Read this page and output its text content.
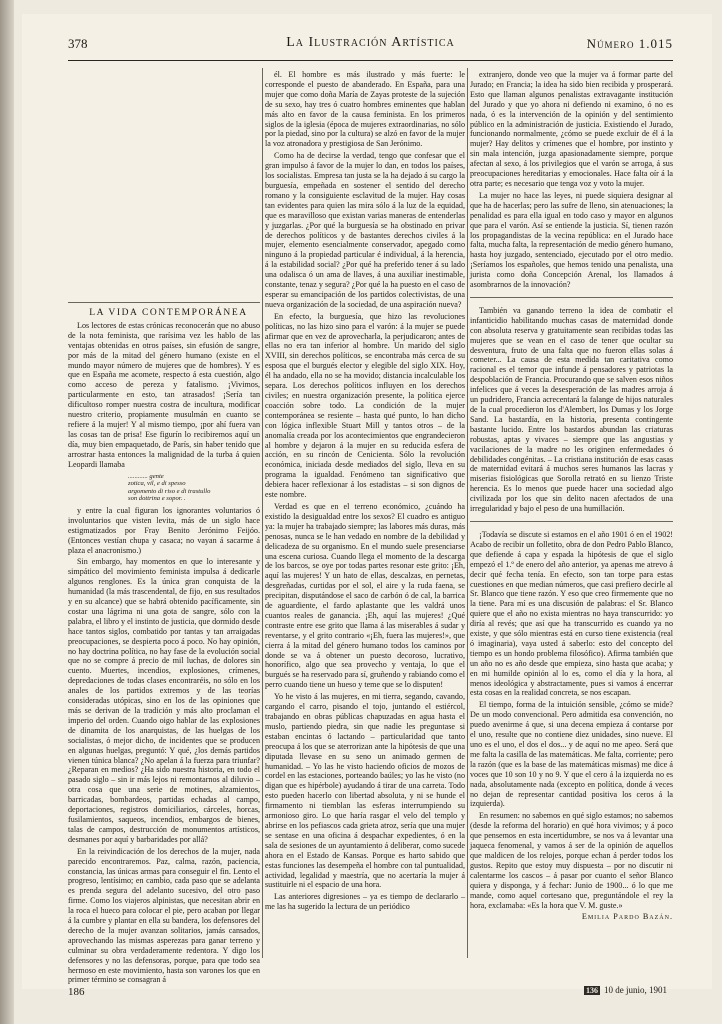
378	La Ilustración Artística	Número 1.015

LA VIDA CONTEMPORÁNEA

Los lectores de estas crónicas reconocerán que no abuso de la nota feminista, que rarísima vez les hablo de las ventajas obtenidas en otros países, sin efusión de sangre, por más de la mitad del género humano (existe en el mundo mayor número de mujeres que de hombres). Y es que en España me acomete, respecto á esta cuestión, algo como acceso de pereza y fatalismo. ¡Vivimos, particularmente en esto, tan atrasados! ¡Sería tan dificultoso romper nuestra costra de incultura, modificar nuestro criterio, propiamente musulmán en cuanto se refiere á la mujer! Y al mismo tiempo, ¡por ahí fuera van las cosas tan de prisa! Ese figurín lo recibiremos aquí un día, muy bien empaquetado, de París, sin haber tenido que arrostrar hasta entonces la malignidad de la turba á quien Leopardi llamaba

............ gente
zotica, vil, e di spesso
argomento di riso e di trastullo
son dottrina e sopor. .

y entre la cual figuran los ignorantes voluntarios ó involuntarios que visten levita, más de un siglo hace estigmatizados por Fray Benito Jerónimo Feijóo. (Entonces vestían chupa y casaca; no vayan á sacarme á plaza el anacronismo.)

Sin embargo, hay momentos en que lo interesante y simpático del movimiento feminista impulsa á dedicarle algunos renglones. Es la única gran conquista de la humanidad (la más trascendental, de fijo, en sus resultados y en su alcance) que se habrá obtenido pacíficamente, sin costar una lágrima ni una gota de sangre, sólo con la palabra, el libro y el instinto de justicia, que dormido desde hace tantos siglos, combatido por tantas y tan arraigadas preocupaciones, se despierta poco á poco. No hay opinión, no hay doctrina política, no hay fase de la evolución social que no se compre á precio de mil luchas, de dolores sin cuento. Muertes, incendios, explosiones, crímenes, depredaciones de todas clases encontraréis, no sólo en los anales de los partidos extremos y de las teorías consideradas utópicas, sino en los de las opiniones que más se derivan de la tradición y más alto proclaman el imperio del orden. Cuando oigo hablar de las explosiones de dinamita de los anarquistas, de las huelgas de los socialistas, ó mejor dicho, de incidentes que se producen en algunas huelgas, preguntó: Y qué, ¿los demás partidos vienen túnica blanca? ¿No apelan á la fuerza para triunfar? ¿Reparan en medios? ¿Ha sido nuestra historia, en todo el pasado siglo – sin ir más lejos ni remontarnos al diluvio – otra cosa que una serie de motines, alzamientos, barricadas, bombardeos, partidas echadas al campo, deportaciones, registros domiciliarios, cárceles, horcas, fusilamientos, saqueos, incendios, embargos de bienes, talas de campos, destrucción de monumentos artísticos, desmanes por aquí y barbaridades por allá?

En la reivindicación de los derechos de la mujer, nada parecido encontraremos. Paz, calma, razón, paciencia, constancia, las únicas armas para conseguir el fin. Lento el progreso, lentísimo; en cambio, cada paso que se adelanta es prenda segura del adelanto sucesivo, del otro paso firme. Como los viajeros alpinistas, que necesitan abrir en la roca el hueco para colocar el pie, pero acaban por llegar á la cumbre y plantar en ella su bandera, los defensores del derecho de la mujer avanzan solitarios, jamás cansados, aprovechando las mismas asperezas para ganar terreno y culminar su obra verdaderamente redentora. Y digo los defensores y no las defensoras, porque, para que todo sea hermoso en este movimiento, hasta son varones los que en primer término se consagran á

él. El hombre es más ilustrado y más fuerte: le corresponde el puesto de abanderado. En España, para una mujer que como doña María de Zayas proteste de la sujeción de su sexo, hay tres ó cuatro hombres eminentes que hablan más alto en favor de la causa feminista. En los primeros siglos de la iglesia (época de mujeres extraordinarias, no sólo por la piedad, sino por la cultura) se alzó en favor de la mujer la voz atronadora y prestigiosa de San Jerónimo.

Como ha de decirse la verdad, tengo que confesar que el gran impulso á favor de la mujer lo dan, en todos los países, los socialistas. Empresa tan justa se la ha dejado á su cargo la burguesía, empeñada en sostener el sentido del derecho romano y la consiguiente esclavitud de la mujer. Hay cosas tan evidentes para quien las mira sólo á la luz de la equidad, que es maravilloso que existan varias maneras de entenderlas y juzgarlas. ¿Por qué la burguesía se ha obstinado en privar de derechos políticos y de bastantes derechos civiles á la mujer, elemento esencialmente conservador, apegado como ninguno á la propiedad particular é individual, á la herencia, á la estabilidad social? ¿Por qué ha preferido tener á su lado una odalisca ó un ama de llaves, á una auxiliar inestimable, constante, tenaz y segura? ¿Por qué la ha puesto en el caso de esperar su emancipación de los partidos colectivistas, de una nueva organización de la sociedad, de una aspiración nueva?

En efecto, la burguesía, que hizo las revoluciones políticas, no las hizo sino para el varón: á la mujer se puede afirmar que en vez de aprovecharla, la perjudicaron; antes de ellas no era tan inferior al hombre. Un marido del siglo XVIII, sin derechos políticos, se encontraba más cerca de su esposa que el burgués elector y elegible del siglo XIX. Hoy, él ha andado, ella no se ha movido; distancia incalculable los separa. Los derechos políticos influyen en los derechos civiles; en nuestra organización presente, la política ejerce coacción sobre todo. La condición de la mujer contemporánea se resiente – hasta qué punto, lo han dicho con lógica inflexible Stuart Mill y tantos otros – de la anomalía creada por los acontecimientos que engrandecieron al hombre y dejaron á la mujer en su reducida esfera de acción, en su rincón de Cenicienta. Sólo la revolución económica, iniciada desde mediados del siglo, lleva en su programa la igualdad. Fenómeno tan significativo que debiera hacer reflexionar á los estadistas – si son dignos de este nombre.

Verdad es que en el terreno económico, ¿cuándo ha existido la desigualdad entre los sexos? El cuadro es antiguo ya: la mujer ha trabajado siempre; las labores más duras, más penosas, nunca se le han vedado en nombre de la debilidad y delicadeza de su organismo. En el mundo suele presenciarse una escena curiosa. Cuando llega el momento de la descarga de los barcos, se oye por todas partes resonar este grito: ¡Eh, aquí las mujeres! Y un hato de ellas, descalzas, en pernetas, desgreñadas, curtidas por el sol, el aire y la ruda faena, se precipitan, disputándose el saco de carbón ó de cal, la barrica de aguardiente, el fardo aplastante que les valdrá unos cuantos reales de ganancia. ¡Eh, aquí las mujeres! ¿Qué contraste entre ese grito que llama á las miserables á sudar y reventarse, y el grito contrario «¡Eh, fuera las mujeres!», que cierra á la mitad del género humano todos los caminos por donde se va á obtener un puesto decoroso, lucrativo, honorífico, algo que sea provecho y ventaja, lo que el burgués se ha reservado para sí, gruñendo y rabiando como el perro cuando tiene un hueso y teme que se lo disputen!

Yo he visto á las mujeres, en mi tierra, segando, cavando, cargando el carro, pisando el tojo, juntando el estiércol, trabajando en obras públicas chapuzadas en agua hasta el muslo, partiendo piedra, sin que nadie les preguntase si estaban encintas ó lactando – particularidad que tanto preocupa á los que se aterrorizan ante la hipótesis de que una diputada llevase en su seno un animado germen de humanidad. – Yo las he visto haciendo oficios de mozos de cordel en las estaciones, porteando baúles; yo las he visto (no digan que es hipérbole) ayudando á tirar de una carreta. Todo esto pueden hacerlo con libertad absoluta, y ni se hunde el firmamento ni tiemblan las esferas interrumpiendo su armonioso giro. Lo que haría rasgar el velo del templo y abrirse en los pefiascos cada grieta atroz, sería que una mujer se sentase en una oficina á despachar expedientes, ó en la sala de sesiones de un ayuntamiento á deliberar, como sucede ahora en el Estado de Kansas. Porque es harto sabido que estas funciones las desempeña el hombre con tal puntualidad, actividad, legalidad y maestría, que no acertaría la mujer á sustituirle ni el espacio de una hora.

Las anteriores digresiones – ya es tiempo de declararlo – me las ha sugerido la lectura de un periódico

extranjero, donde veo que la mujer va á formar parte del Jurado; en Francia; la idea ha sido bien recibida y prosperará. Esto que llaman algunos penalistas extravagante institución del Jurado y que yo ahora ni defiendo ni examino, ó no es nada, ó es la intervención de la opinión y del sentimiento público en la administración de justicia. Existiendo el Jurado, funcionando normalmente, ¿cómo se puede excluir de él á la mujer? Hay delitos y crímenes que el hombre, por instinto y sin mala intención, juzga apasionadamente siempre, porque afectan al sexo, á los privilegios que el varón se arroga, á sus preocupaciones hereditarias y emocionales. Hace falta oír á la otra parte; es necesario que tenga voz y voto la mujer.

La mujer no hace las leyes, ni puede siquiera designar al que ha de hacerlas; pero las sufre de lleno, sin atenuaciones; la penalidad es para ella igual en todo caso y mayor en algunos que para el varón. Así se entiende la justicia. Sí, tienen razón los propagandistas de la vecina república: en el Jurado hace falta, mucha falta, la representación de medio género humano, hasta hoy juzgado, sentenciado, ejecutado por el otro medio. ¡Seríamos los españoles, que hemos tenido una penalista, una jurista como doña Concepción Arenal, los llamados á asombrarnos de la innovación?

También va ganando terreno la idea de combatir el infanticidio habilitando muchas casas de maternidad donde con absoluta reserva y gratuitamente sean recibidas todas las mujeres que se vean en el caso de tener que ocultar su desventura, fruto de una falta que no fueron ellas solas á cometer... La causa de esta medida tan caritativa como racional es el temor que infunde á pensadores y patriotas la despoblación de Francia. Procurando que se salven esos niños infelices que á veces la desesperación de las madres arroja á un pudridero, Francia acrecentará la falange de hijos naturales de la cual procedieron los d'Alembert, los Dumas y los Jorge Sand. La bastardía, en la historia, presenta contingente bastante lucido. Entre los bastardos abundan las criaturas robustas, aptas y vivaces – siempre que las angustias y vacilaciones de la madre no les originen enfermedades ó debilidades congénitas. – La cristiana institución de esas casas de maternidad evitará á muchos seres humanos las lacras y miserias fisiológicas que Sorolla retrató en su lienzo Triste herencia. Es lo menos que puede hacer una sociedad algo civilizada por los que sin delito nacen afectados de una irregularidad y bajo el peso de una humillación.

¡Todavía se discute si estamos en el año 1901 ó en el 1902! Acabo de recibir un folletito, obra de don Pedro Pablo Blanco, que defiende á capa y espada la hipótesis de que el siglo empezó el 1.º de enero del año anterior, ya apenas me atrevo á decir qué fecha tenía. En efecto, son tan torpe para estas cuestiones en que median números, que casi prefiero decirle al Sr. Blanco que tiene razón. Y eso que creo firmemente que no la tiene. Para mí es una discusión de palabras: el Sr. Blanco quiere que el año no exista mientras no haya transcurrido: yo diría al revés; que así que ha transcurrido es cuando ya no existe, y que sólo mientras está en curso tiene existencia (real ó imaginaria), vaya usted á saberlo: esto del concepto del tiempo es un hondo problema filosófico). Afirma también que un año no es año desde que empieza, sino hasta que acaba; y en mi humilde opinión al lo es, como el día y la hora, al menos ideológica y abstractamente, pues si vamos á encerrar esta cosas en la realidad concreta, se nos escapan.

El tiempo, forma de la intuición sensible, ¿cómo se mide? De un modo convencional. Pero admitida esa convención, no puedo avenirme á que, si una decena empieza á contarse por el uno, resulte que no contiene diez unidades, sino nueve. El uno es el uno, el dos el dos... y de aquí no me apeo. Será que me falta la casilla de las matemáticas. Me falta, corriente; pero la razón (que es la base de las matemáticas mismas) me dice á voces que 10 son 10 y no 9. Y que el cero á la izquierda no es nada, absolutamente nada (excepto en política, donde á veces no dejan de representar cantidad positiva los ceros á la izquierda).

En resumen: no sabemos en qué siglo estamos; no sabemos (desde la reforma del horario) en qué hora vivimos; y á poco que pensemos en esta incertidumbre, se nos va á levantar una jaqueca fenomenal, y vamos á ser de la opinión de aquellos que maldicen de los relojes, porque echan á perder todos los gustos. Repito que estoy muy dispuesta – por no discutir ni calentarme los cascos – á pasar por cuanto el señor Blanco quiera y disponga, y á fechar: Junio de 1900... ó lo que me mande, como aquel cortesano que, preguntándole el rey la hora, exclamaba: «Es la hora que V. M. guste.»

Emilia Pardo Bazán.

186	136 10 de junio, 1901
